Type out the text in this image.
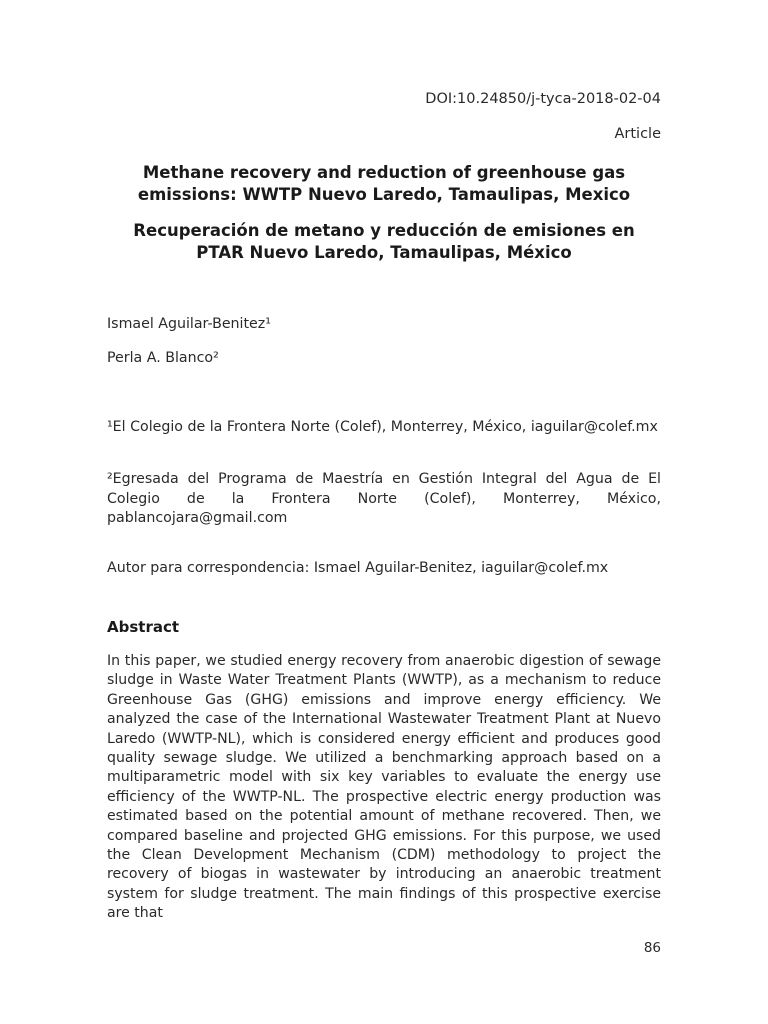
DOI:10.24850/j-tyca-2018-02-04
Article
Methane recovery and reduction of greenhouse gas emissions: WWTP Nuevo Laredo, Tamaulipas, Mexico
Recuperación de metano y reducción de emisiones en PTAR Nuevo Laredo, Tamaulipas, México
Ismael Aguilar-Benitez¹
Perla A. Blanco²
¹El Colegio de la Frontera Norte (Colef), Monterrey, México, iaguilar@colef.mx
²Egresada del Programa de Maestría en Gestión Integral del Agua de El Colegio de la Frontera Norte (Colef), Monterrey, México, pablancojara@gmail.com
Autor para correspondencia: Ismael Aguilar-Benitez, iaguilar@colef.mx
Abstract
In this paper, we studied energy recovery from anaerobic digestion of sewage sludge in Waste Water Treatment Plants (WWTP), as a mechanism to reduce Greenhouse Gas (GHG) emissions and improve energy efficiency. We analyzed the case of the International Wastewater Treatment Plant at Nuevo Laredo (WWTP-NL), which is considered energy efficient and produces good quality sewage sludge. We utilized a benchmarking approach based on a multiparametric model with six key variables to evaluate the energy use efficiency of the WWTP-NL. The prospective electric energy production was estimated based on the potential amount of methane recovered. Then, we compared baseline and projected GHG emissions. For this purpose, we used the Clean Development Mechanism (CDM) methodology to project the recovery of biogas in wastewater by introducing an anaerobic treatment system for sludge treatment. The main findings of this prospective exercise are that
86
